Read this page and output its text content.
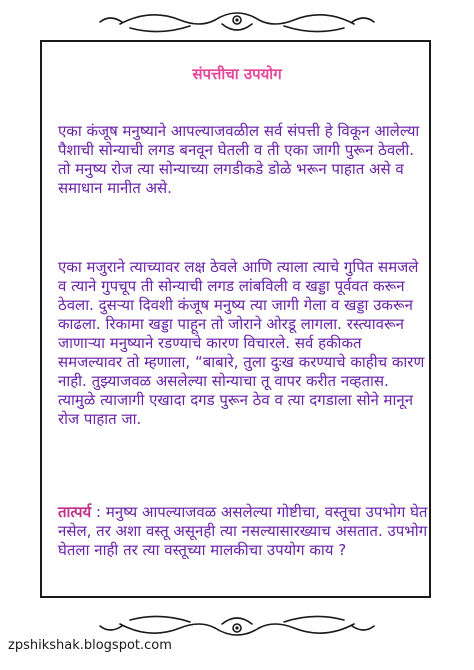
संपत्तीचा उपयोग

एका कंजूष मनुष्याने आपल्याजवळील सर्व संपत्ती हे विकून आलेल्या पैशाची सोन्याची लगड बनवून घेतली व ती एका जागी पुरून ठेवली. तो मनुष्य रोज त्या सोन्याच्या लगडीकडे डोळे भरून पाहात असे व समाधान मानीत असे.

एका मजुराने त्याच्यावर लक्ष ठेवले आणि त्याला त्याचे गुपित समजले व त्याने गुपचूप ती सोन्याची लगड लांबविली व खड्डा पूर्ववत करून ठेवला. दुसऱ्या दिवशी कंजूष मनुष्य त्या जागी गेला व खड्डा उकरून काढला. रिकामा खड्डा पाहून तो जोराने ओरडू लागला. रस्त्यावरून जाणाऱ्या मनुष्याने रडण्याचे कारण विचारले. सर्व हकीकत समजल्यावर तो म्हणाला, “बाबारे, तुला दुःख करण्याचे काहीच कारण नाही. तुझ्याजवळ असलेल्या सोन्याचा तू वापर करीत नव्हतास. त्यामुळे त्याजागी एखादा दगड पुरून ठेव व त्या दगडाला सोने मानून रोज पाहात जा.

तात्पर्य : मनुष्य आपल्याजवळ असलेल्या गोष्टीचा, वस्तूचा उपभोग घेत नसेल, तर अशा वस्तू असूनही त्या नसल्यासारख्याच असतात. उपभोग घेतला नाही तर त्या वस्तूच्या मालकीचा उपयोग काय ?

zpshikshak.blogspot.com
